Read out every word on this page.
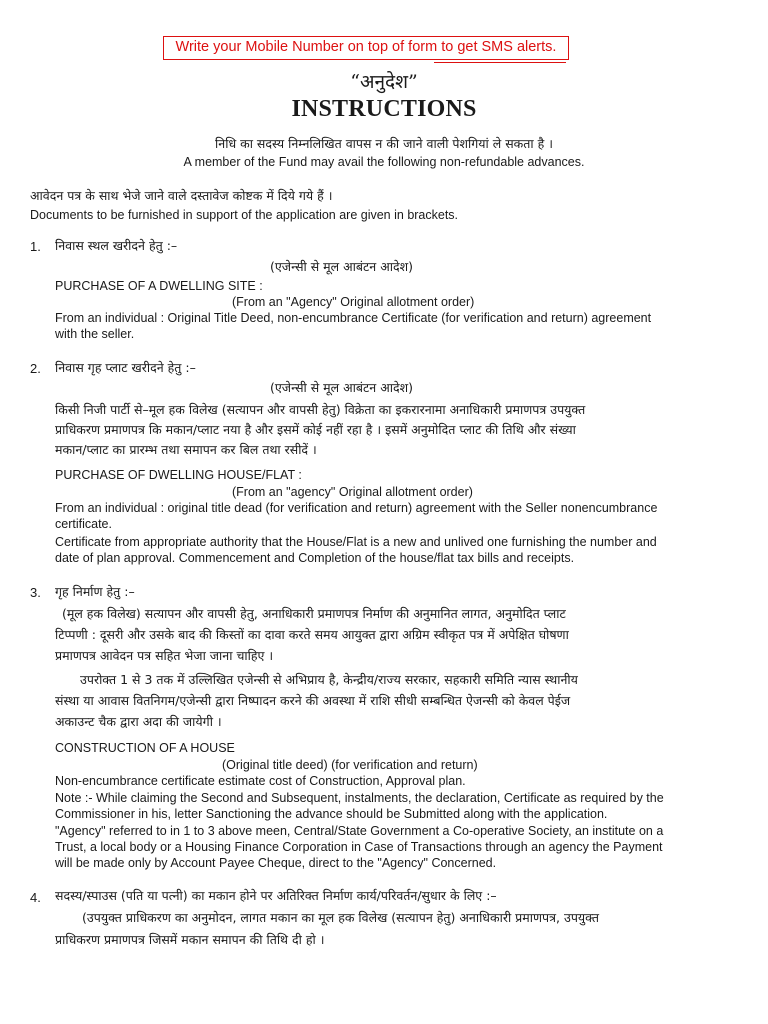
Write your Mobile Number on top of form to get SMS alerts.
“अनुदेश”
INSTRUCTIONS
निधि का सदस्य निम्नलिखित वापस न की जाने वाली पेशगियां ले सकता है ।
A member of the Fund may avail the following non-refundable advances.
आवेदन पत्र के साथ भेजे जाने वाले दस्तावेज कोष्टक में दिये गये हैं ।
Documents to be furnished in support of the application are given in brackets.
1. निवास स्थल खरीदने हेतु :–
(एजेन्सी से मूल आबंटन आदेश)
PURCHASE OF A DWELLING SITE :
(From an "Agency" Original allotment order)
From an individual : Original Title Deed, non-encumbrance Certificate (for verification and return) agreement
with the seller.
2. निवास गृह प्लाट खरीदने हेतु :–
(एजेन्सी से मूल आबंटन आदेश)
किसी निजी पार्टी से–मूल हक विलेख (सत्यापन और वापसी हेतु) विक्रेता का इकरारनामा अनाधिकारी प्रमाणपत्र उपयुक्त
प्राधिकरण प्रमाणपत्र कि मकान/प्लाट नया है और इसमें कोई नहीं रहा है । इसमें अनुमोदित प्लाट की तिथि और संख्या
मकान/प्लाट का प्रारम्भ तथा समापन कर बिल तथा रसीदें ।
PURCHASE OF DWELLING HOUSE/FLAT :
(From an "agency" Original allotment order)
From an individual : original title dead (for verification and return) agreement with the Seller nonencumbrance
certificate.
Certificate from appropriate authority that the House/Flat is a new and unlived one furnishing the number and
date of plan approval. Commencement and Completion of the house/flat tax bills and receipts.
3. गृह निर्माण हेतु :–
(मूल हक विलेख) सत्यापन और वापसी हेतु, अनाधिकारी प्रमाणपत्र निर्माण की अनुमानित लागत, अनुमोदित प्लाट
टिप्पणी : दूसरी और उसके बाद की किस्तों का दावा करते समय आयुक्त द्वारा अग्रिम स्वीकृत पत्र में अपेक्षित घोषणा
प्रमाणपत्र आवेदन पत्र सहित भेजा जाना चाहिए ।
उपरोक्त 1 से 3 तक में उल्लिखित एजेन्सी से अभिप्राय है, केन्द्रीय/राज्य सरकार, सहकारी समिति न्यास स्थानीय
संस्था या आवास वितनिगम/एजेन्सी द्वारा निष्पादन करने की अवस्था में राशि सीधी सम्बन्धित ऐजन्सी को केवल पेईज
अकाउन्ट चैक द्वारा अदा की जायेगी ।
CONSTRUCTION OF A HOUSE
(Original title deed) (for verification and return)
Non-encumbrance certificate estimate cost of Construction, Approval plan.
Note :- While claiming the Second and Subsequent, instalments, the declaration, Certificate as required by the
Commissioner in his, letter Sanctioning the advance should be Submitted along with the application.
"Agency" referred to in 1 to 3 above meen, Central/State Government a Co-operative Society, an institute on a
Trust, a local body or a Housing Finance Corporation in Case of Transactions through an agency the Payment
will be made only by Account Payee Cheque, direct to the "Agency" Concerned.
4. सदस्य/स्पाउस (पति या पत्नी) का मकान होने पर अतिरिक्त निर्माण कार्य/परिवर्तन/सुधार के लिए :–
(उपयुक्त प्राधिकरण का अनुमोदन, लागत मकान का मूल हक विलेख (सत्यापन हेतु) अनाधिकारी प्रमाणपत्र, उपयुक्त
प्राधिकरण प्रमाणपत्र जिसमें मकान समापन की तिथि दी हो ।
